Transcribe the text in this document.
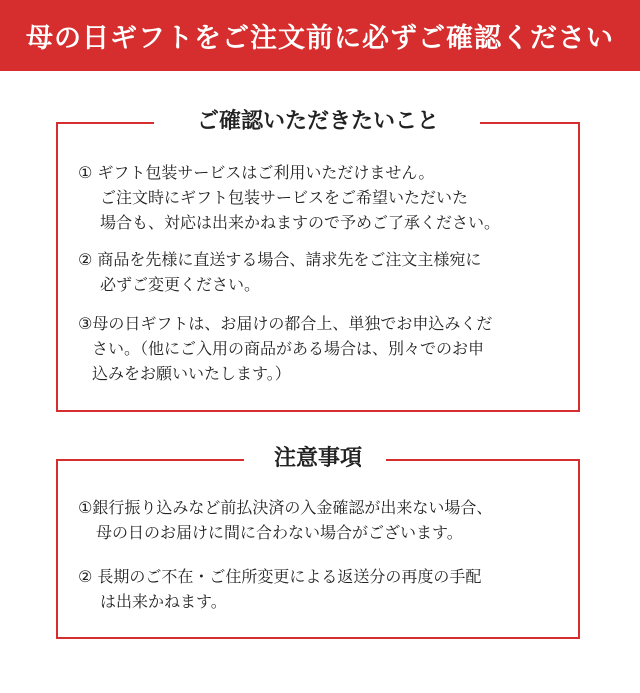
母の日ギフトをご注文前に必ずご確認ください
ご確認いただきたいこと
① ギフト包装サービスはご利用いただけません。
ご注文時にギフト包装サービスをご希望いただいた
場合も、対応は出来かねますので予めご了承ください。
② 商品を先様に直送する場合、請求先をご注文主様宛に
必ずご変更ください。
③母の日ギフトは、お届けの都合上、単独でお申込みくだ
さい。（他にご入用の商品がある場合は、別々でのお申
込みをお願いいたします。）
注意事項
①銀行振り込みなど前払決済の入金確認が出来ない場合、
母の日のお届けに間に合わない場合がございます。
② 長期のご不在・ご住所変更による返送分の再度の手配
は出来かねます。
